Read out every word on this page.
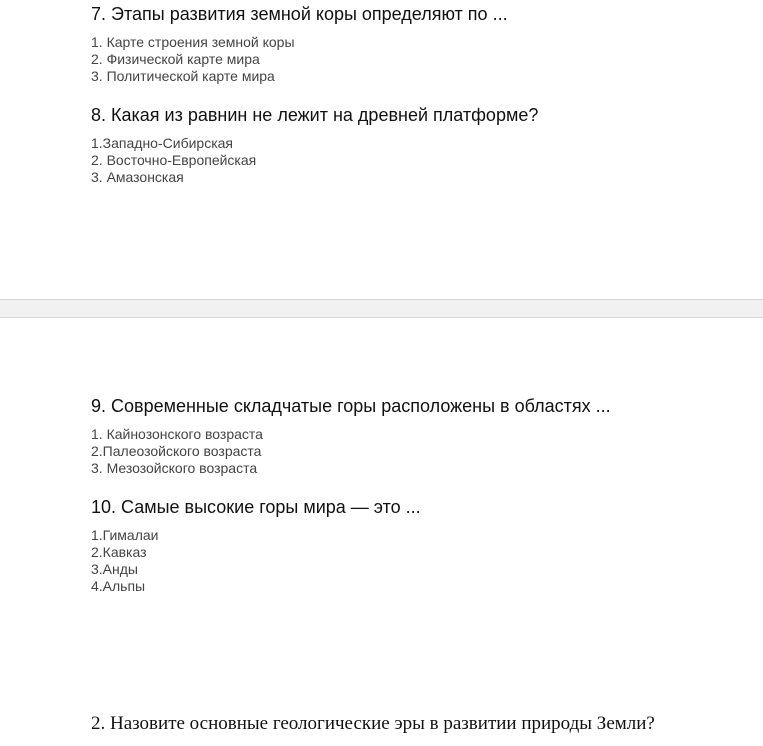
7. Этапы развития земной коры определяют по ...
1. Карте строения земной коры
2. Физической карте мира
3. Политической карте мира
8. Какая из равнин не лежит на древней платформе?
1.Западно-Сибирская
2. Восточно-Европейская
3. Амазонская
9. Современные складчатые горы расположены в областях ...
1. Кайнозонского возраста
2.Палеозойского возраста
3. Мезозойского возраста
10. Самые высокие горы мира — это ...
1.Гималаи
2.Кавказ
3.Анды
4.Альпы
2. Назовите основные геологические эры в развитии природы Земли?
